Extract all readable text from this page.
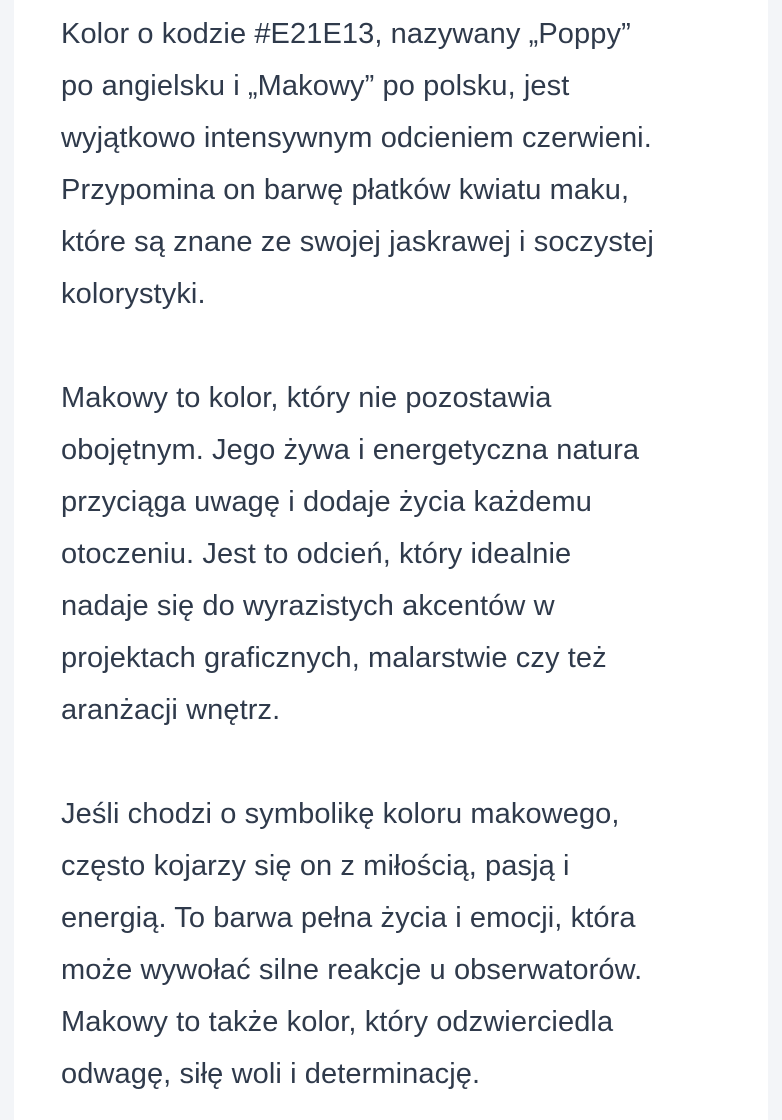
Kolor o kodzie #E21E13, nazywany „Poppy”
po angielsku i „Makowy” po polsku, jest
wyjątkowo intensywnym odcieniem czerwieni.
Przypomina on barwę płatków kwiatu maku,
które są znane ze swojej jaskrawej i soczystej
kolorystyki.

Makowy to kolor, który nie pozostawia
obojętnym. Jego żywa i energetyczna natura
przyciąga uwagę i dodaje życia każdemu
otoczeniu. Jest to odcień, który idealnie
nadaje się do wyrazistych akcentów w
projektach graficznych, malarstwie czy też
aranżacji wnętrz.

Jeśli chodzi o symbolikę koloru makowego,
często kojarzy się on z miłością, pasją i
energią. To barwa pełna życia i emocji, która
może wywołać silne reakcje u obserwatorów.
Makowy to także kolor, który odzwierciedla
odwagę, siłę woli i determinację.
